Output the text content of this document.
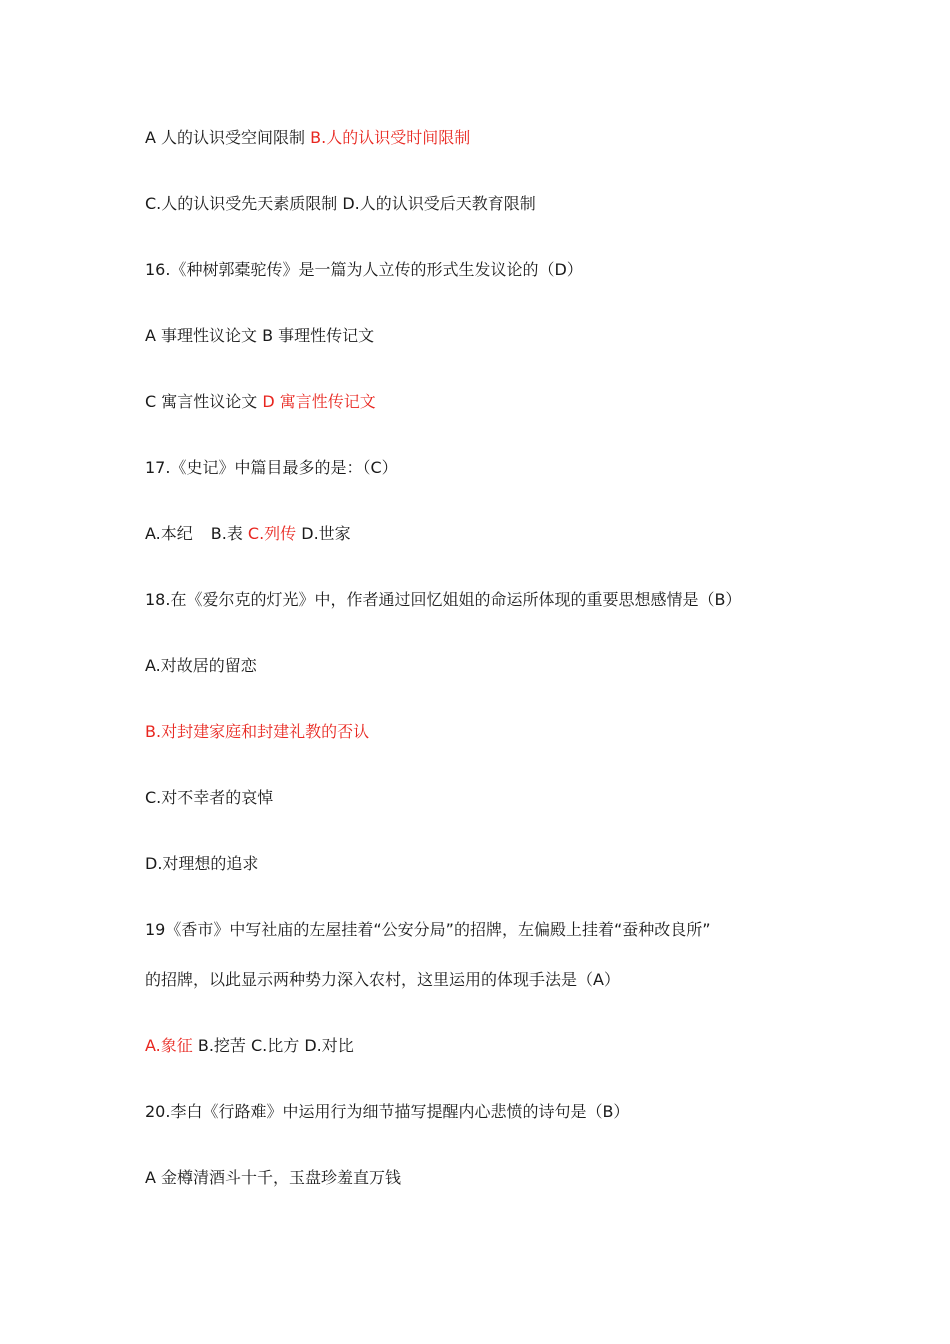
A 人的认识受空间限制 B.人的认识受时间限制
C.人的认识受先天素质限制 D.人的认识受后天教育限制
16.《种树郭橐驼传》是一篇为人立传的形式生发议论的（D）
A 事理性议论文 B 事理性传记文
C 寓言性议论文 D 寓言性传记文
17.《史记》中篇目最多的是：（C）
A.本纪 B.表 C.列传 D.世家
18.在《爱尔克的灯光》中，作者通过回忆姐姐的命运所体现的重要思想感情是（B）
A.对故居的留恋
B.对封建家庭和封建礼教的否认
C.对不幸者的哀悼
D.对理想的追求
19《香市》中写社庙的左屋挂着“公安分局”的招牌，左偏殿上挂着“蚕种改良所”
的招牌，以此显示两种势力深入农村，这里运用的体现手法是（A）
A.象征 B.挖苦 C.比方 D.对比
20.李白《行路难》中运用行为细节描写提醒内心悲愤的诗句是（B）
A 金樽清酒斗十千，玉盘珍羞直万钱
